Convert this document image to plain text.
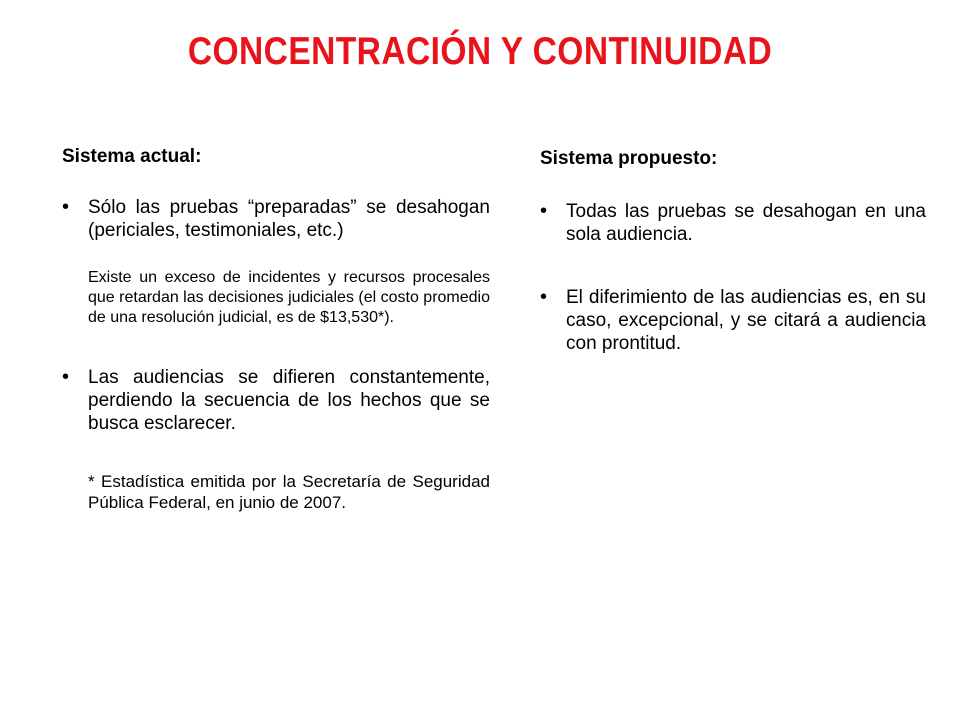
CONCENTRACIÓN Y CONTINUIDAD
Sistema actual:
• Sólo las pruebas “preparadas” se desahogan (periciales, testimoniales, etc.)
Existe un exceso de incidentes y recursos procesales que retardan las decisiones judiciales (el costo promedio de una resolución judicial, es de $13,530*).
• Las audiencias se difieren constantemente, perdiendo la secuencia de los hechos que se busca esclarecer.
* Estadística emitida por la Secretaría de Seguridad Pública Federal, en junio de 2007.
Sistema propuesto:
• Todas las pruebas se desahogan en una sola audiencia.
• El diferimiento de las audiencias es, en su caso, excepcional, y se citará a audiencia con prontitud.
